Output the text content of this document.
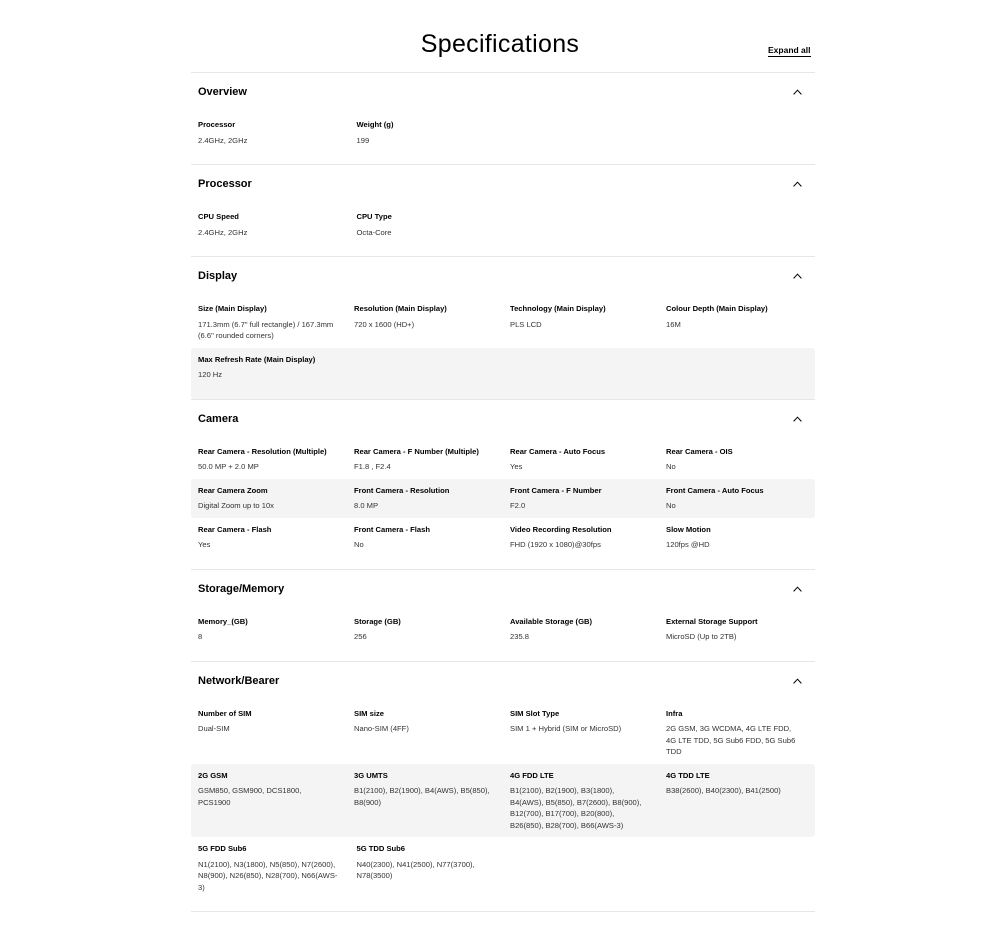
Specifications	Expand all
Overview
Processor
2.4GHz, 2GHz
Weight (g)
199
Processor
CPU Speed
2.4GHz, 2GHz
CPU Type
Octa-Core
Display
Size (Main Display)
171.3mm (6.7" full rectangle) / 167.3mm (6.6" rounded corners)
Resolution (Main Display)
720 x 1600 (HD+)
Technology (Main Display)
PLS LCD
Colour Depth (Main Display)
16M
Max Refresh Rate (Main Display)
120 Hz
Camera
Rear Camera - Resolution (Multiple)
50.0 MP + 2.0 MP
Rear Camera - F Number (Multiple)
F1.8 , F2.4
Rear Camera - Auto Focus
Yes
Rear Camera - OIS
No
Rear Camera Zoom
Digital Zoom up to 10x
Front Camera - Resolution
8.0 MP
Front Camera - F Number
F2.0
Front Camera - Auto Focus
No
Rear Camera - Flash
Yes
Front Camera - Flash
No
Video Recording Resolution
FHD (1920 x 1080)@30fps
Slow Motion
120fps @HD
Storage/Memory
Memory_(GB)
8
Storage (GB)
256
Available Storage (GB)
235.8
External Storage Support
MicroSD (Up to 2TB)
Network/Bearer
Number of SIM
Dual-SIM
SIM size
Nano-SIM (4FF)
SIM Slot Type
SIM 1 + Hybrid (SIM or MicroSD)
Infra
2G GSM, 3G WCDMA, 4G LTE FDD, 4G LTE TDD, 5G Sub6 FDD, 5G Sub6 TDD
2G GSM
GSM850, GSM900, DCS1800, PCS1900
3G UMTS
B1(2100), B2(1900), B4(AWS), B5(850), B8(900)
4G FDD LTE
B1(2100), B2(1900), B3(1800), B4(AWS), B5(850), B7(2600), B8(900), B12(700), B17(700), B20(800), B26(850), B28(700), B66(AWS-3)
4G TDD LTE
B38(2600), B40(2300), B41(2500)
5G FDD Sub6
N1(2100), N3(1800), N5(850), N7(2600), N8(900), N26(850), N28(700), N66(AWS-3)
5G TDD Sub6
N40(2300), N41(2500), N77(3700), N78(3500)
